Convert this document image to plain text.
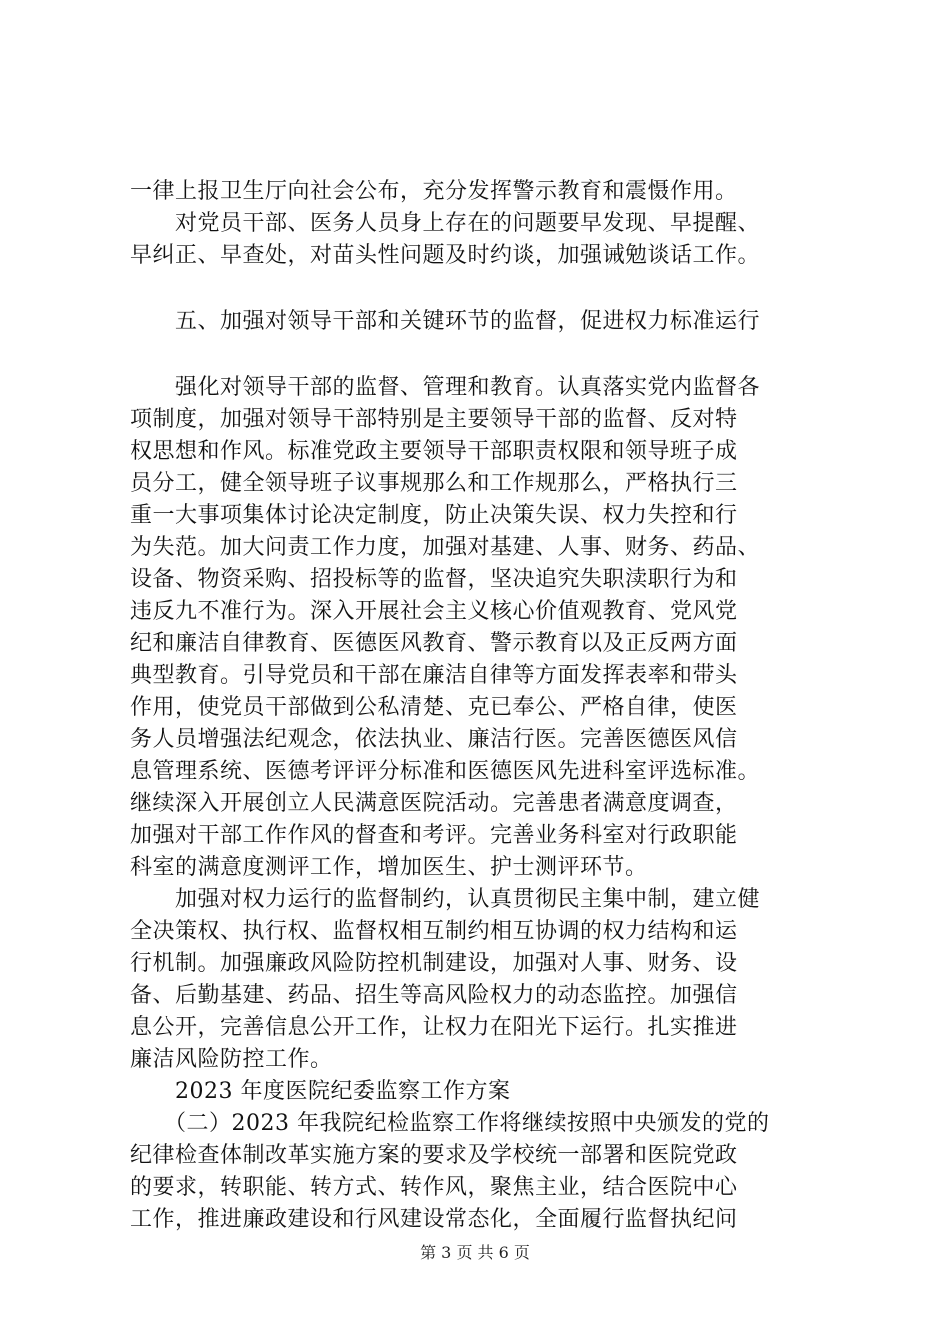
一律上报卫生厅向社会公布，充分发挥警示教育和震慑作用。
　　对党员干部、医务人员身上存在的问题要早发现、早提醒、
早纠正、早查处，对苗头性问题及时约谈，加强诫勉谈话工作。
　　五、加强对领导干部和关键环节的监督，促进权力标准运行
　　强化对领导干部的监督、管理和教育。认真落实党内监督各
项制度，加强对领导干部特别是主要领导干部的监督、反对特
权思想和作风。标准党政主要领导干部职责权限和领导班子成
员分工，健全领导班子议事规那么和工作规那么，严格执行三
重一大事项集体讨论决定制度，防止决策失误、权力失控和行
为失范。加大问责工作力度，加强对基建、人事、财务、药品、
设备、物资采购、招投标等的监督，坚决追究失职渎职行为和
违反九不准行为。深入开展社会主义核心价值观教育、党风党
纪和廉洁自律教育、医德医风教育、警示教育以及正反两方面
典型教育。引导党员和干部在廉洁自律等方面发挥表率和带头
作用，使党员干部做到公私清楚、克已奉公、严格自律，使医
务人员增强法纪观念，依法执业、廉洁行医。完善医德医风信
息管理系统、医德考评评分标准和医德医风先进科室评选标准。
继续深入开展创立人民满意医院活动。完善患者满意度调查，
加强对干部工作作风的督查和考评。完善业务科室对行政职能
科室的满意度测评工作，增加医生、护士测评环节。
　　加强对权力运行的监督制约，认真贯彻民主集中制，建立健
全决策权、执行权、监督权相互制约相互协调的权力结构和运
行机制。加强廉政风险防控机制建设，加强对人事、财务、设
备、后勤基建、药品、招生等高风险权力的动态监控。加强信
息公开，完善信息公开工作，让权力在阳光下运行。扎实推进
廉洁风险防控工作。
　　2023 年度医院纪委监察工作方案
　　（二）2023 年我院纪检监察工作将继续按照中央颁发的党的
纪律检查体制改革实施方案的要求及学校统一部署和医院党政
的要求，转职能、转方式、转作风，聚焦主业，结合医院中心
工作，推进廉政建设和行风建设常态化，全面履行监督执纪问
第 3 页 共 6 页
